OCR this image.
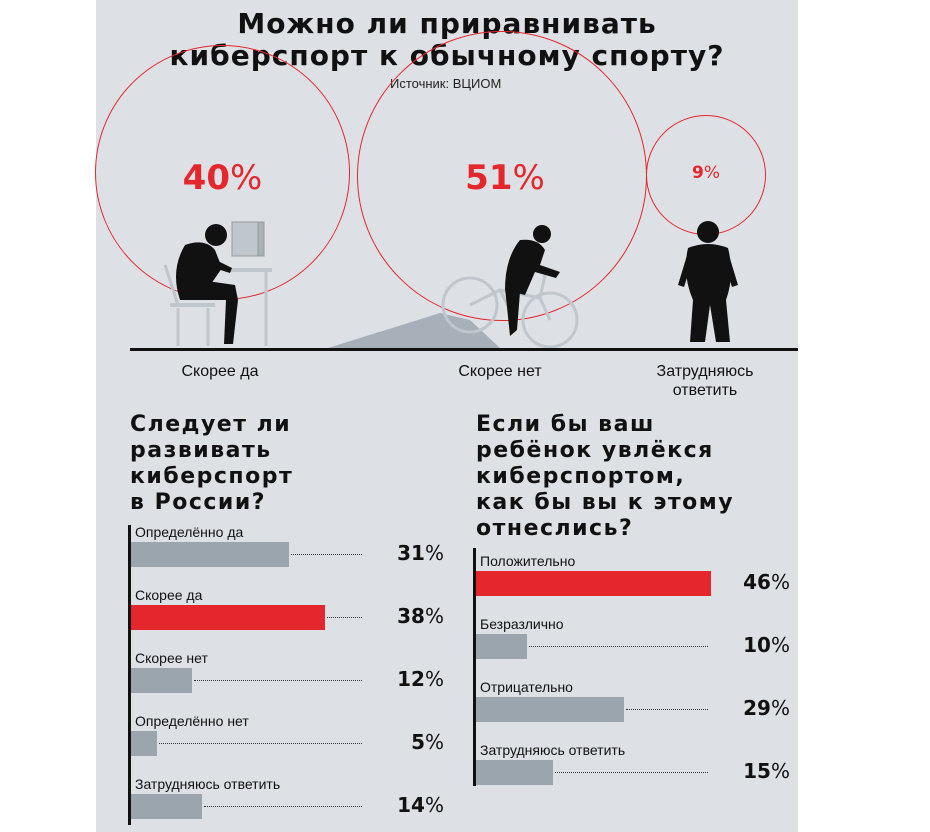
Можно ли приравнивать
киберспорт к обычному спорту?
Источник: ВЦИОМ
40%	51%	9%
Скорее да	Скорее нет	Затрудняюсь
ответить
Следует ли
развивать
киберспорт
в России?
Определённо да
31%
Скорее да
38%
Скорее нет
12%
Определённо нет
5%
Затрудняюсь ответить
14%
Если бы ваш
ребёнок увлёкся
киберспортом,
как бы вы к этому
отнеслись?
Положительно
46%
Безразлично
10%
Отрицательно
29%
Затрудняюсь ответить
15%
